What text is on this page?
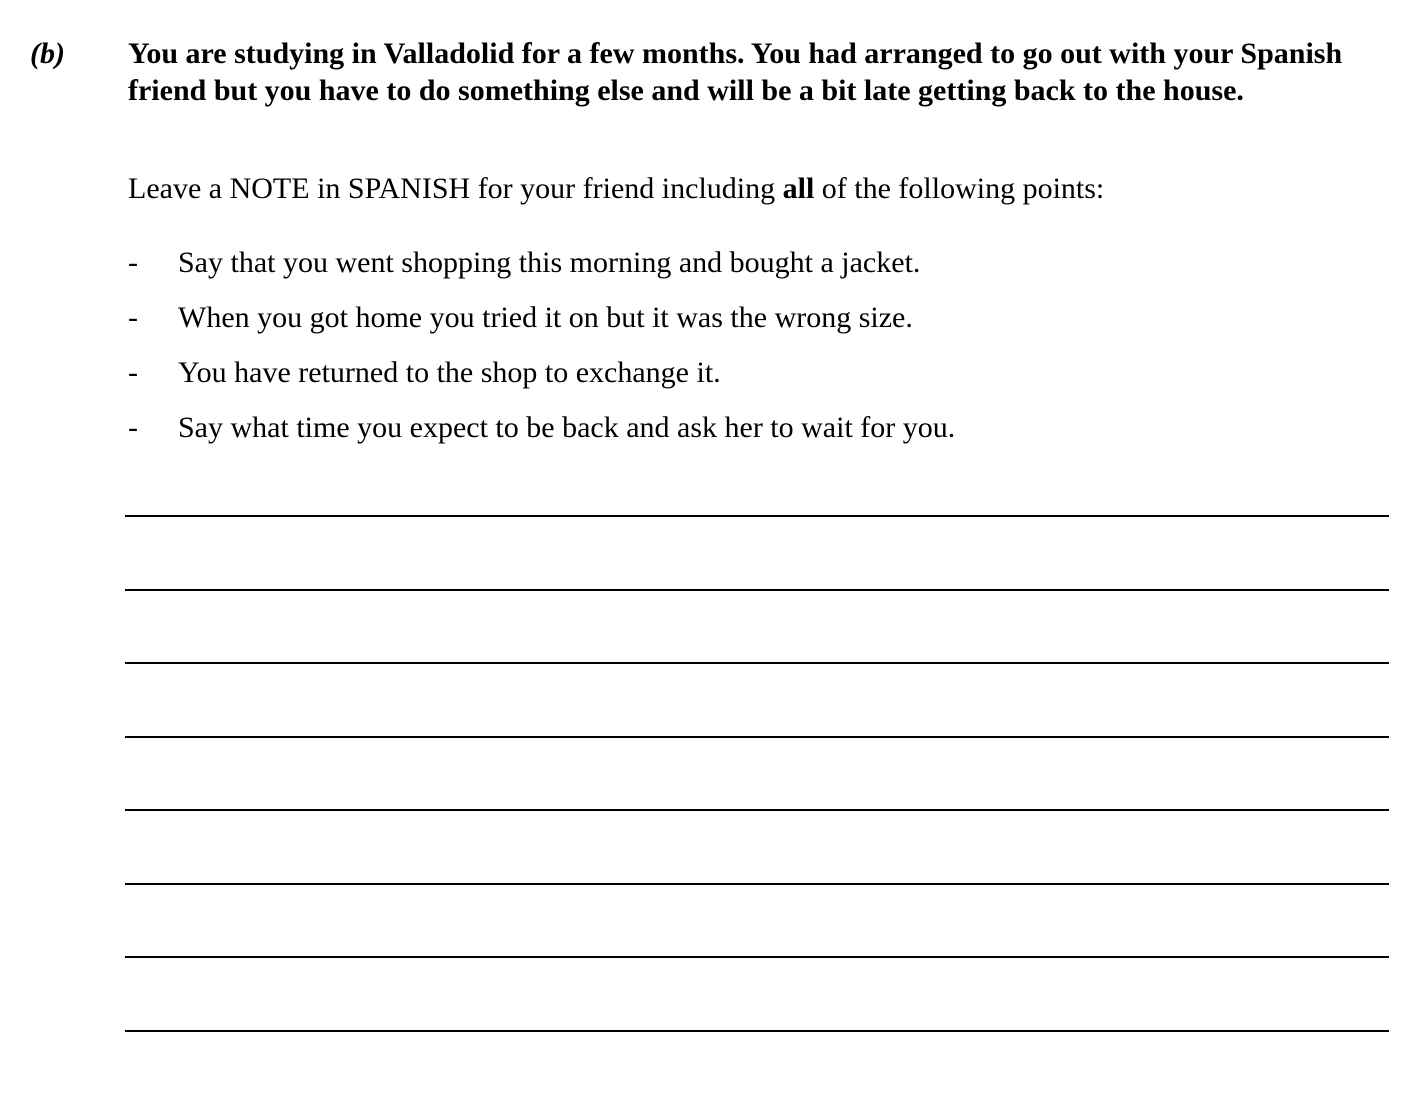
(b) You are studying in Valladolid for a few months. You had arranged to go out with your Spanish friend but you have to do something else and will be a bit late getting back to the house.

Leave a NOTE in SPANISH for your friend including all of the following points:

-	Say that you went shopping this morning and bought a jacket.
-	When you got home you tried it on but it was the wrong size.
-	You have returned to the shop to exchange it.
-	Say what time you expect to be back and ask her to wait for you.
